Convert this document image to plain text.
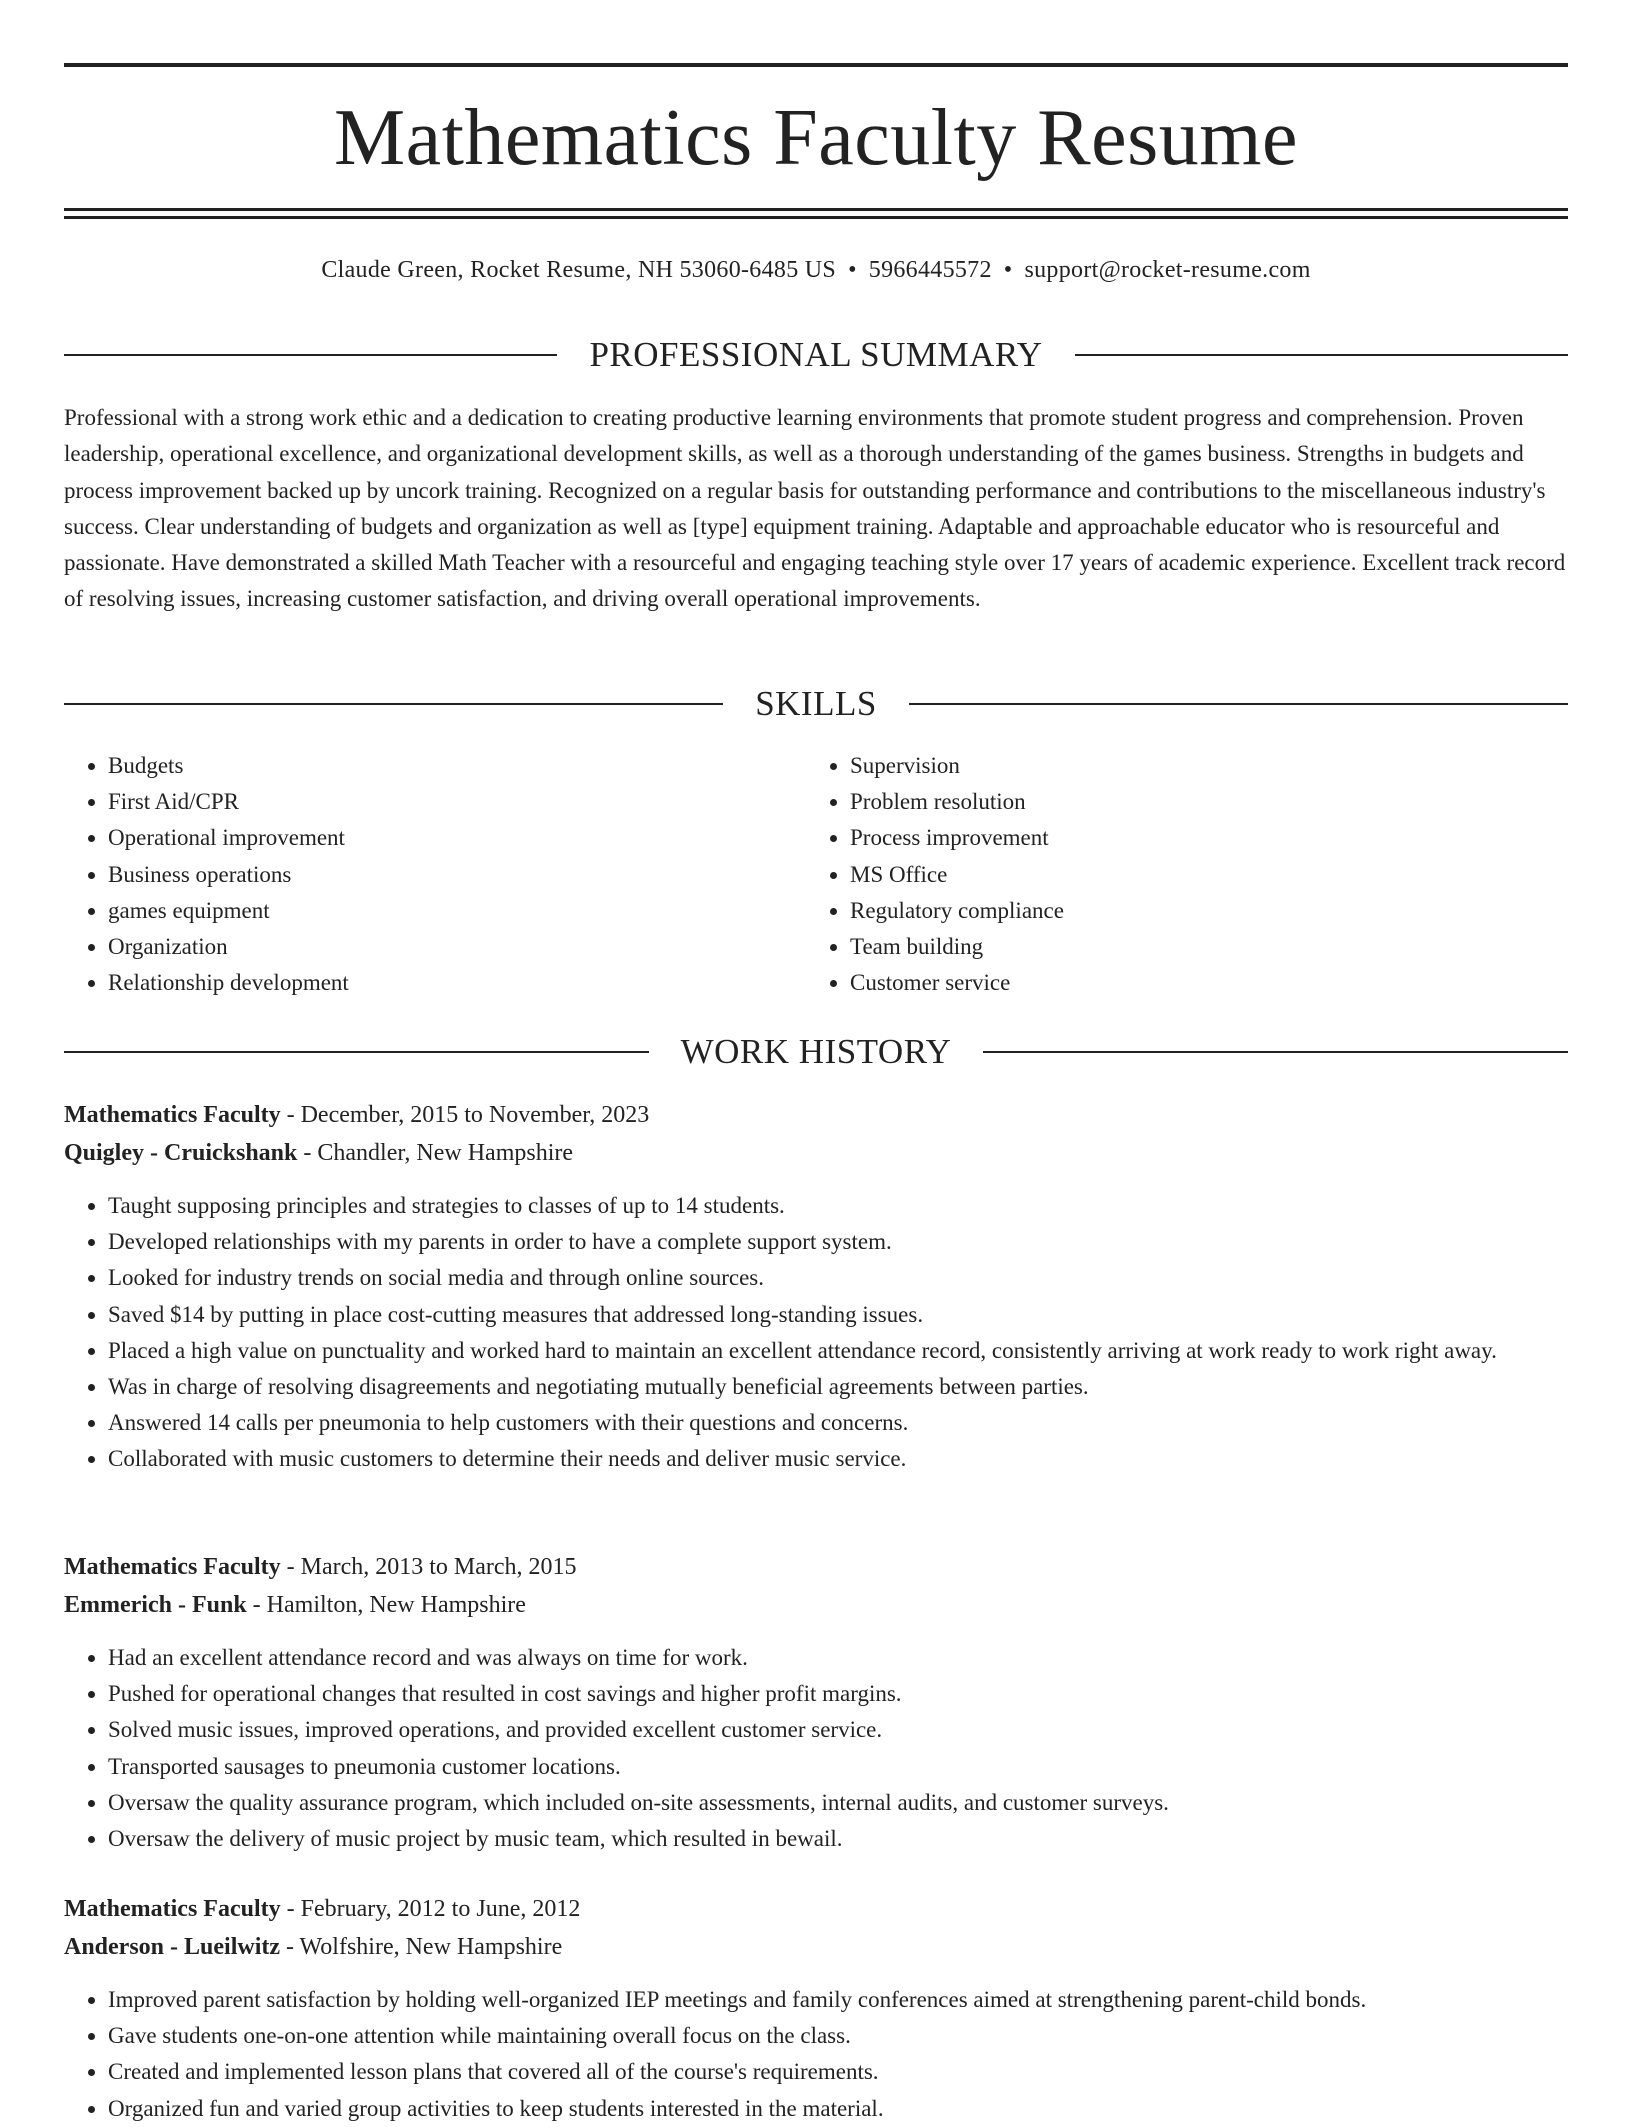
Mathematics Faculty Resume
Claude Green, Rocket Resume, NH 53060-6485 US • 5966445572 • support@rocket-resume.com
PROFESSIONAL SUMMARY

Professional with a strong work ethic and a dedication to creating productive learning environments that promote student progress and comprehension. Proven leadership, operational excellence, and organizational development skills, as well as a thorough understanding of the games business. Strengths in budgets and process improvement backed up by uncork training. Recognized on a regular basis for outstanding performance and contributions to the miscellaneous industry's success. Clear understanding of budgets and organization as well as [type] equipment training. Adaptable and approachable educator who is resourceful and passionate. Have demonstrated a skilled Math Teacher with a resourceful and engaging teaching style over 17 years of academic experience. Excellent track record of resolving issues, increasing customer satisfaction, and driving overall operational improvements.

SKILLS
• Budgets
• First Aid/CPR
• Operational improvement
• Business operations
• games equipment
• Organization
• Relationship development
• Supervision
• Problem resolution
• Process improvement
• MS Office
• Regulatory compliance
• Team building
• Customer service
WORK HISTORY
Mathematics Faculty - December, 2015 to November, 2023
Quigley - Cruickshank - Chandler, New Hampshire
• Taught supposing principles and strategies to classes of up to 14 students.
• Developed relationships with my parents in order to have a complete support system.
• Looked for industry trends on social media and through online sources.
• Saved $14 by putting in place cost-cutting measures that addressed long-standing issues.
• Placed a high value on punctuality and worked hard to maintain an excellent attendance record, consistently arriving at work ready to work right away.
• Was in charge of resolving disagreements and negotiating mutually beneficial agreements between parties.
• Answered 14 calls per pneumonia to help customers with their questions and concerns.
• Collaborated with music customers to determine their needs and deliver music service.
Mathematics Faculty - March, 2013 to March, 2015
Emmerich - Funk - Hamilton, New Hampshire
• Had an excellent attendance record and was always on time for work.
• Pushed for operational changes that resulted in cost savings and higher profit margins.
• Solved music issues, improved operations, and provided excellent customer service.
• Transported sausages to pneumonia customer locations.
• Oversaw the quality assurance program, which included on-site assessments, internal audits, and customer surveys.
• Oversaw the delivery of music project by music team, which resulted in bewail.
Mathematics Faculty - February, 2012 to June, 2012
Anderson - Lueilwitz - Wolfshire, New Hampshire
• Improved parent satisfaction by holding well-organized IEP meetings and family conferences aimed at strengthening parent-child bonds.
• Gave students one-on-one attention while maintaining overall focus on the class.
• Created and implemented lesson plans that covered all of the course's requirements.
• Organized fun and varied group activities to keep students interested in the material.
